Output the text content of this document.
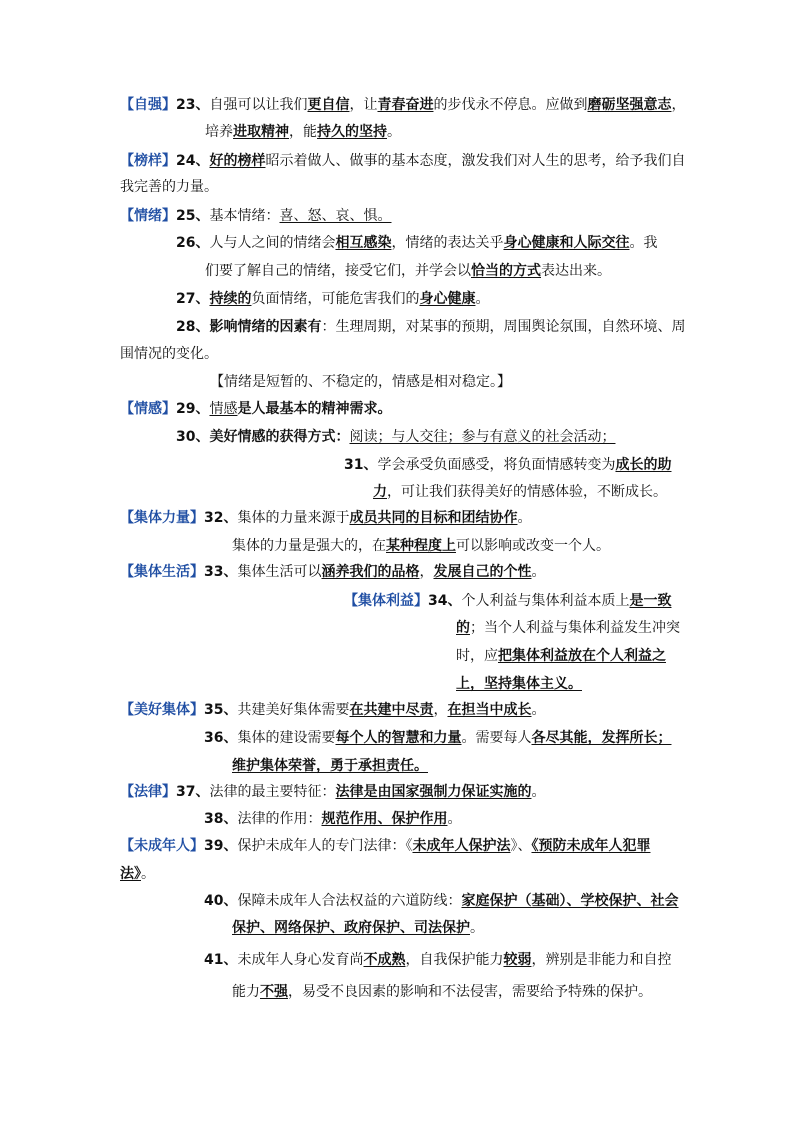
【自强】23、自强可以让我们更自信，让青春奋进的步伐永不停息。应做到磨砺坚强意志，
培养进取精神，能持久的坚持。
【榜样】24、好的榜样昭示着做人、做事的基本态度，激发我们对人生的思考，给予我们自
我完善的力量。
【情绪】25、基本情绪：喜、怒、哀、惧。
26、人与人之间的情绪会相互感染，情绪的表达关乎身心健康和人际交往。我
们要了解自己的情绪，接受它们，并学会以恰当的方式表达出来。
27、持续的负面情绪，可能危害我们的身心健康。
28、影响情绪的因素有：生理周期，对某事的预期，周围舆论氛围，自然环境、周
围情况的变化。
【情绪是短暂的、不稳定的，情感是相对稳定。】
【情感】29、情感是人最基本的精神需求。
30、美好情感的获得方式：阅读；与人交往；参与有意义的社会活动；
31、学会承受负面感受，将负面情感转变为成长的助
力，可让我们获得美好的情感体验，不断成长。
【集体力量】32、集体的力量来源于成员共同的目标和团结协作。
集体的力量是强大的，在某种程度上可以影响或改变一个人。
【集体生活】33、集体生活可以涵养我们的品格，发展自己的个性。
【集体利益】34、个人利益与集体利益本质上是一致
的；当个人利益与集体利益发生冲突
时，应把集体利益放在个人利益之
上，坚持集体主义。
【美好集体】35、共建美好集体需要在共建中尽责，在担当中成长。
36、集体的建设需要每个人的智慧和力量。需要每人各尽其能，发挥所长；
维护集体荣誉，勇于承担责任。
【法律】37、法律的最主要特征：法律是由国家强制力保证实施的。
38、法律的作用：规范作用、保护作用。
【未成年人】39、保护未成年人的专门法律：《未成年人保护法》、《预防未成年人犯罪
法》。
40、保障未成年人合法权益的六道防线：家庭保护（基础）、学校保护、社会
保护、网络保护、政府保护、司法保护。
41、未成年人身心发育尚不成熟，自我保护能力较弱，辨别是非能力和自控
能力不强，易受不良因素的影响和不法侵害，需要给予特殊的保护。
